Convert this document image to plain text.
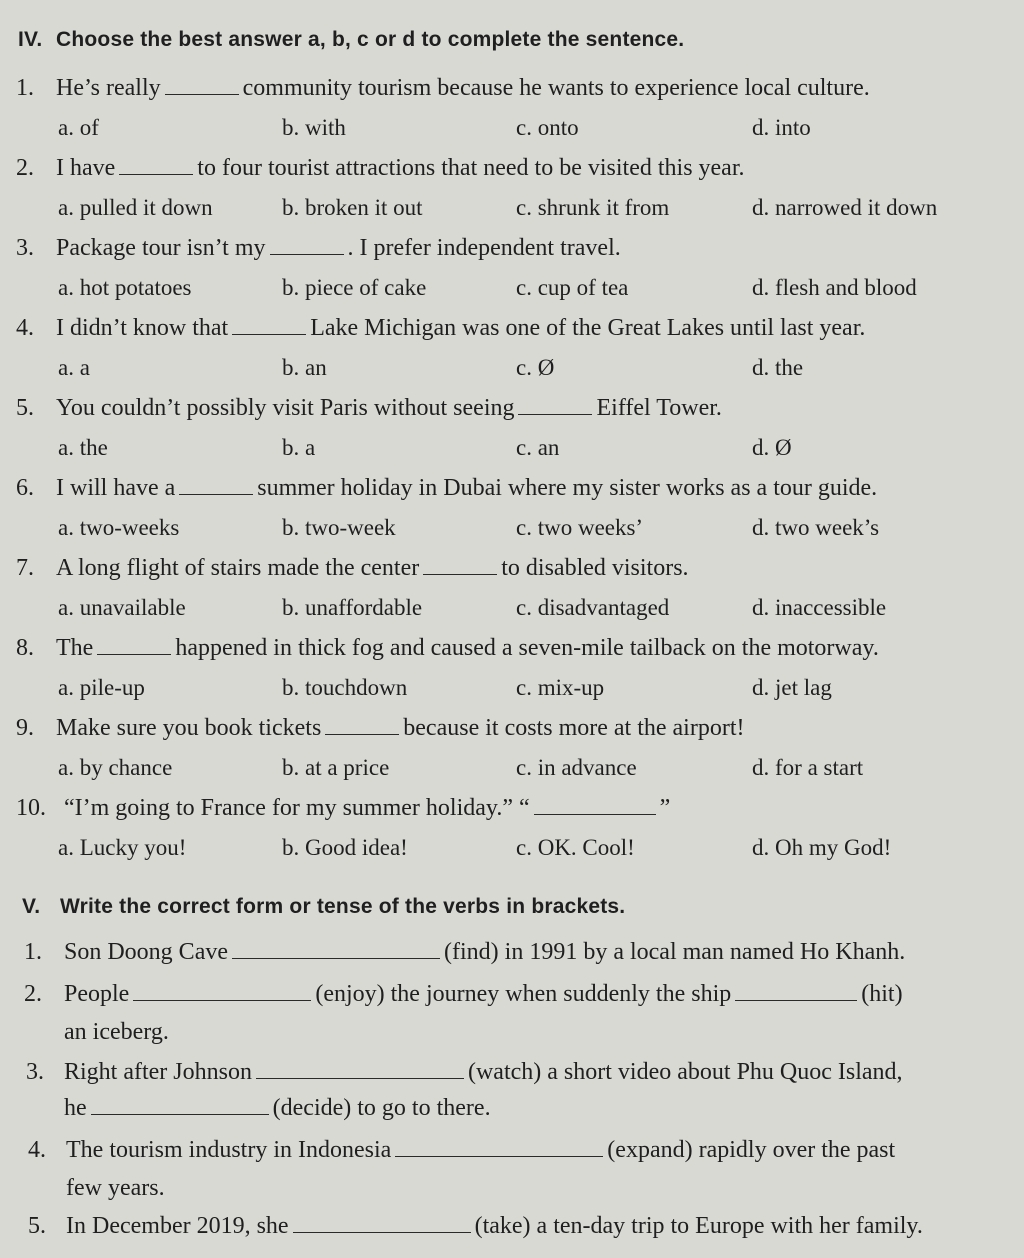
IV. Choose the best answer a, b, c or d to complete the sentence.
1. He’s really	community tourism because he wants to experience local culture.
a. of	b. with	c. onto	d. into
2. I have	to four tourist attractions that need to be visited this year.
a. pulled it down	b. broken it out	c. shrunk it from	d. narrowed it down
3. Package tour isn’t my	. I prefer independent travel.
a. hot potatoes	b. piece of cake	c. cup of tea	d. flesh and blood
4. I didn’t know that	Lake Michigan was one of the Great Lakes until last year.
a. a	b. an	c. Ø	d. the
5. You couldn’t possibly visit Paris without seeing	Eiffel Tower.
a. the	b. a	c. an	d. Ø
6. I will have a	summer holiday in Dubai where my sister works as a tour guide.
a. two-weeks	b. two-week	c. two weeks’	d. two week’s
7. A long flight of stairs made the center	to disabled visitors.
a. unavailable	b. unaffordable	c. disadvantaged	d. inaccessible
8. The	happened in thick fog and caused a seven-mile tailback on the motorway.
a. pile-up	b. touchdown	c. mix-up	d. jet lag
9. Make sure you book tickets	because it costs more at the airport!
a. by chance	b. at a price	c. in advance	d. for a start
10. “I’m going to France for my summer holiday.” “	”
a. Lucky you!	b. Good idea!	c. OK. Cool!	d. Oh my God!
V. Write the correct form or tense of the verbs in brackets.
1. Son Doong Cave	(find) in 1991 by a local man named Ho Khanh.
2. People	(enjoy) the journey when suddenly the ship	(hit)
an iceberg.
3. Right after Johnson	(watch) a short video about Phu Quoc Island,
he	(decide) to go to there.
4. The tourism industry in Indonesia	(expand) rapidly over the past
few years.
5. In December 2019, she	(take) a ten-day trip to Europe with her family.
